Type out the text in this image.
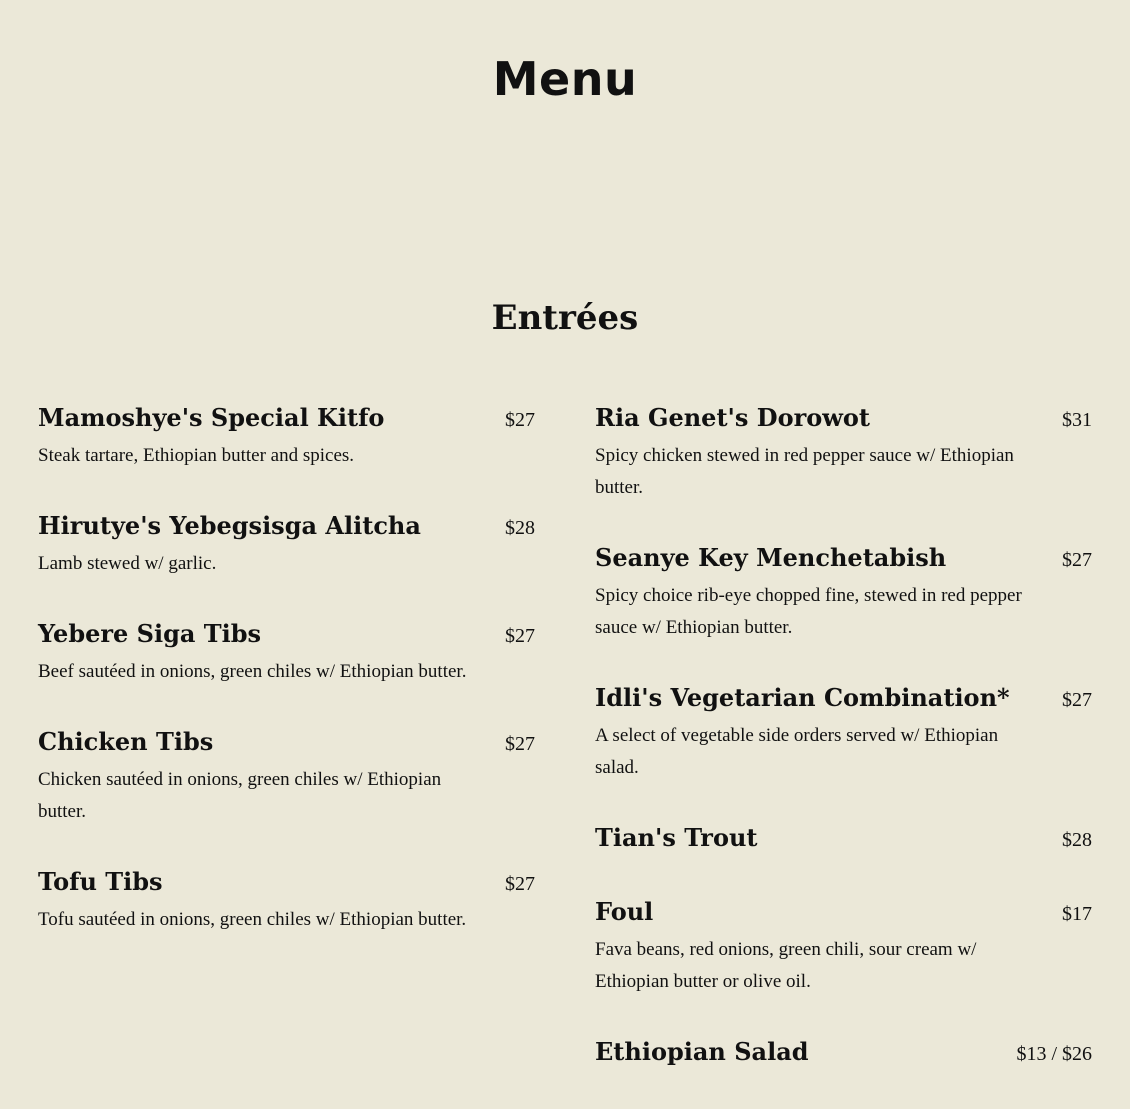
Menu
Entrées
Mamoshye's Special Kitfo	$27
Steak tartare, Ethiopian butter and spices.
Hirutye's Yebegsisga Alitcha	$28
Lamb stewed w/ garlic.
Yebere Siga Tibs	$27
Beef sautéed in onions, green chiles w/ Ethiopian butter.
Chicken Tibs	$27
Chicken sautéed in onions, green chiles w/ Ethiopian butter.
Tofu Tibs	$27
Tofu sautéed in onions, green chiles w/ Ethiopian butter.
Ria Genet's Dorowot	$31
Spicy chicken stewed in red pepper sauce w/ Ethiopian butter.
Seanye Key Menchetabish	$27
Spicy choice rib-eye chopped fine, stewed in red pepper sauce w/ Ethiopian butter.
Idli's Vegetarian Combination*	$27
A select of vegetable side orders served w/ Ethiopian salad.
Tian's Trout	$28
Foul	$17
Fava beans, red onions, green chili, sour cream w/ Ethiopian butter or olive oil.
Ethiopian Salad	$13 / $26
